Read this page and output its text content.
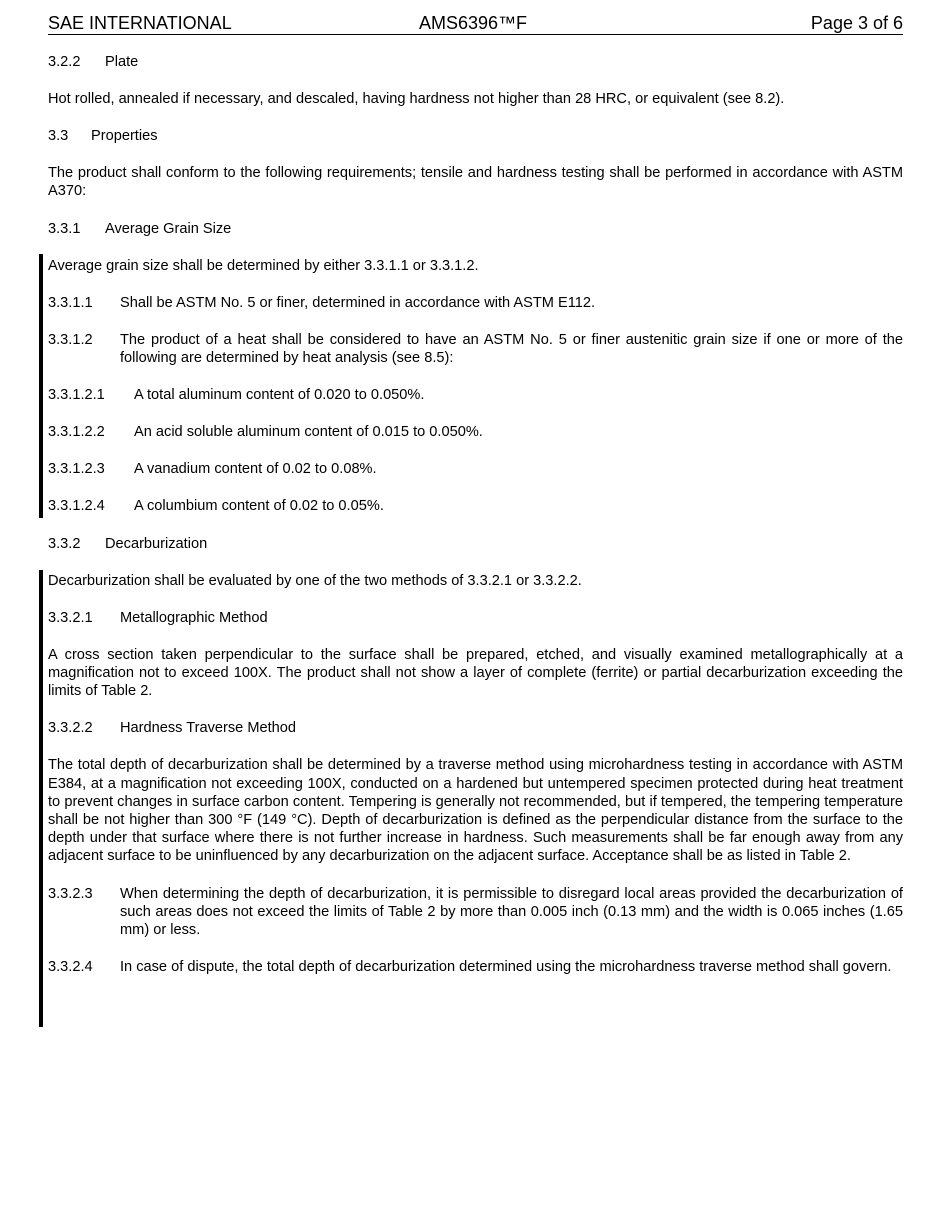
SAE INTERNATIONAL	AMS6396™F	Page 3 of 6
3.2.2	Plate

Hot rolled, annealed if necessary, and descaled, having hardness not higher than 28 HRC, or equivalent (see 8.2).

3.3	Properties

The product shall conform to the following requirements; tensile and hardness testing shall be performed in accordance with ASTM A370:

3.3.1	Average Grain Size

Average grain size shall be determined by either 3.3.1.1 or 3.3.1.2.

3.3.1.1	Shall be ASTM No. 5 or finer, determined in accordance with ASTM E112.
3.3.1.2	The product of a heat shall be considered to have an ASTM No. 5 or finer austenitic grain size if one or more of the following are determined by heat analysis (see 8.5):
3.3.1.2.1	A total aluminum content of 0.020 to 0.050%.
3.3.1.2.2	An acid soluble aluminum content of 0.015 to 0.050%.
3.3.1.2.3	A vanadium content of 0.02 to 0.08%.
3.3.1.2.4	A columbium content of 0.02 to 0.05%.
3.3.2	Decarburization

Decarburization shall be evaluated by one of the two methods of 3.3.2.1 or 3.3.2.2.

3.3.2.1	Metallographic Method

A cross section taken perpendicular to the surface shall be prepared, etched, and visually examined metallographically at a magnification not to exceed 100X. The product shall not show a layer of complete (ferrite) or partial decarburization exceeding the limits of Table 2.

3.3.2.2	Hardness Traverse Method

The total depth of decarburization shall be determined by a traverse method using microhardness testing in accordance with ASTM E384, at a magnification not exceeding 100X, conducted on a hardened but untempered specimen protected during heat treatment to prevent changes in surface carbon content. Tempering is generally not recommended, but if tempered, the tempering temperature shall be not higher than 300 °F (149 °C). Depth of decarburization is defined as the perpendicular distance from the surface to the depth under that surface where there is not further increase in hardness. Such measurements shall be far enough away from any adjacent surface to be uninfluenced by any decarburization on the adjacent surface. Acceptance shall be as listed in Table 2.

3.3.2.3	When determining the depth of decarburization, it is permissible to disregard local areas provided the decarburization of such areas does not exceed the limits of Table 2 by more than 0.005 inch (0.13 mm) and the width is 0.065 inches (1.65 mm) or less.
3.3.2.4	In case of dispute, the total depth of decarburization determined using the microhardness traverse method shall govern.
